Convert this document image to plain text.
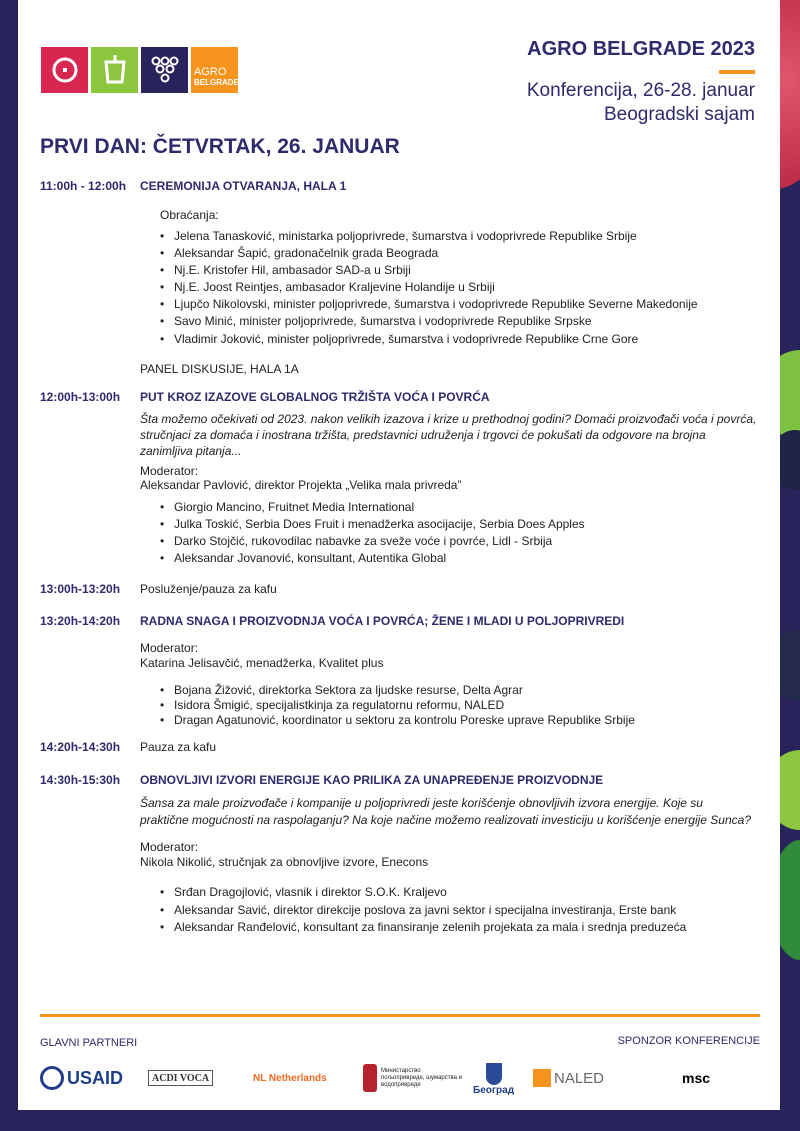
AGRO
BELGRADE
AGRO BELGRADE 2023
Konferencija, 26-28. januar
Beogradski sajam
PRVI DAN: ČETVRTAK, 26. JANUAR
11:00h - 12:00h CEREMONIJA OTVARANJA, HALA 1
Obraćanja:
• Jelena Tanasković, ministarka poljoprivrede, šumarstva i vodoprivrede Republike Srbije
• Aleksandar Šapić, gradonačelnik grada Beograda
• Nj.E. Kristofer Hil, ambasador SAD-a u Srbiji
• Nj.E. Joost Reintjes, ambasador Kraljevine Holandije u Srbiji
• Ljupčo Nikolovski, minister poljoprivrede, šumarstva i vodoprivrede Republike Severne Makedonije
• Savo Minić, minister poljoprivrede, šumarstva i vodoprivrede Republike Srpske
• Vladimir Joković, minister poljoprivrede, šumarstva i vodoprivrede Republike Crne Gore
PANEL DISKUSIJE, HALA 1A
12:00h-13:00h PUT KROZ IZAZOVE GLOBALNOG TRŽIŠTA VOĆA I POVRĆA
Šta možemo očekivati od 2023. nakon velikih izazova i krize u prethodnoj godini? Domaći proizvođači voća i povrća,
stručnjaci za domaća i inostrana tržišta, predstavnici udruženja i trgovci će pokušati da odgovore na brojna
zanimljiva pitanja...
Moderator:
Aleksandar Pavlović, direktor Projekta „Velika mala privreda”
• Giorgio Mancino, Fruitnet Media International
• Julka Toskić, Serbia Does Fruit i menadžerka asocijacije, Serbia Does Apples
• Darko Stojčić, rukovodilac nabavke za sveže voće i povrće, Lidl - Srbija
• Aleksandar Jovanović, konsultant, Autentika Global
13:00h-13:20h Posluženje/pauza za kafu
13:20h-14:20h RADNA SNAGA I PROIZVODNJA VOĆA I POVRĆA; ŽENE I MLADI U POLJOPRIVREDI
Moderator:
Katarina Jelisavčić, menadžerka, Kvalitet plus
• Bojana Žižović, direktorka Sektora za ljudske resurse, Delta Agrar
• Isidora Šmigić, specijalistkinja za regulatornu reformu, NALED
• Dragan Agatunović, koordinator u sektoru za kontrolu Poreske uprave Republike Srbije
14:20h-14:30h Pauza za kafu
14:30h-15:30h OBNOVLJIVI IZVORI ENERGIJE KAO PRILIKA ZA UNAPREĐENJE PROIZVODNJE
Šansa za male proizvođače i kompanije u poljoprivredi jeste korišćenje obnovljivih izvora energije. Koje su
praktične mogućnosti na raspolaganju? Na koje načine možemo realizovati investiciju u korišćenje energije Sunca?
Moderator:
Nikola Nikolić, stručnjak za obnovljive izvore, Enecons
• Srđan Dragojlović, vlasnik i direktor S.O.K. Kraljevo
• Aleksandar Savić, direktor direkcije poslova za javni sektor i specijalna investiranja, Erste bank
• Aleksandar Ranđelović, konsultant za finansiranje zelenih projekata za mala i srednja preduzeća
GLAVNI PARTNERI	SPONZOR KONFERENCIJE
USAID	ACDI VOCA	NL Netherlands
Министарство пољопривреде, шумарства и водопривреде
Београд
NALED	msc
